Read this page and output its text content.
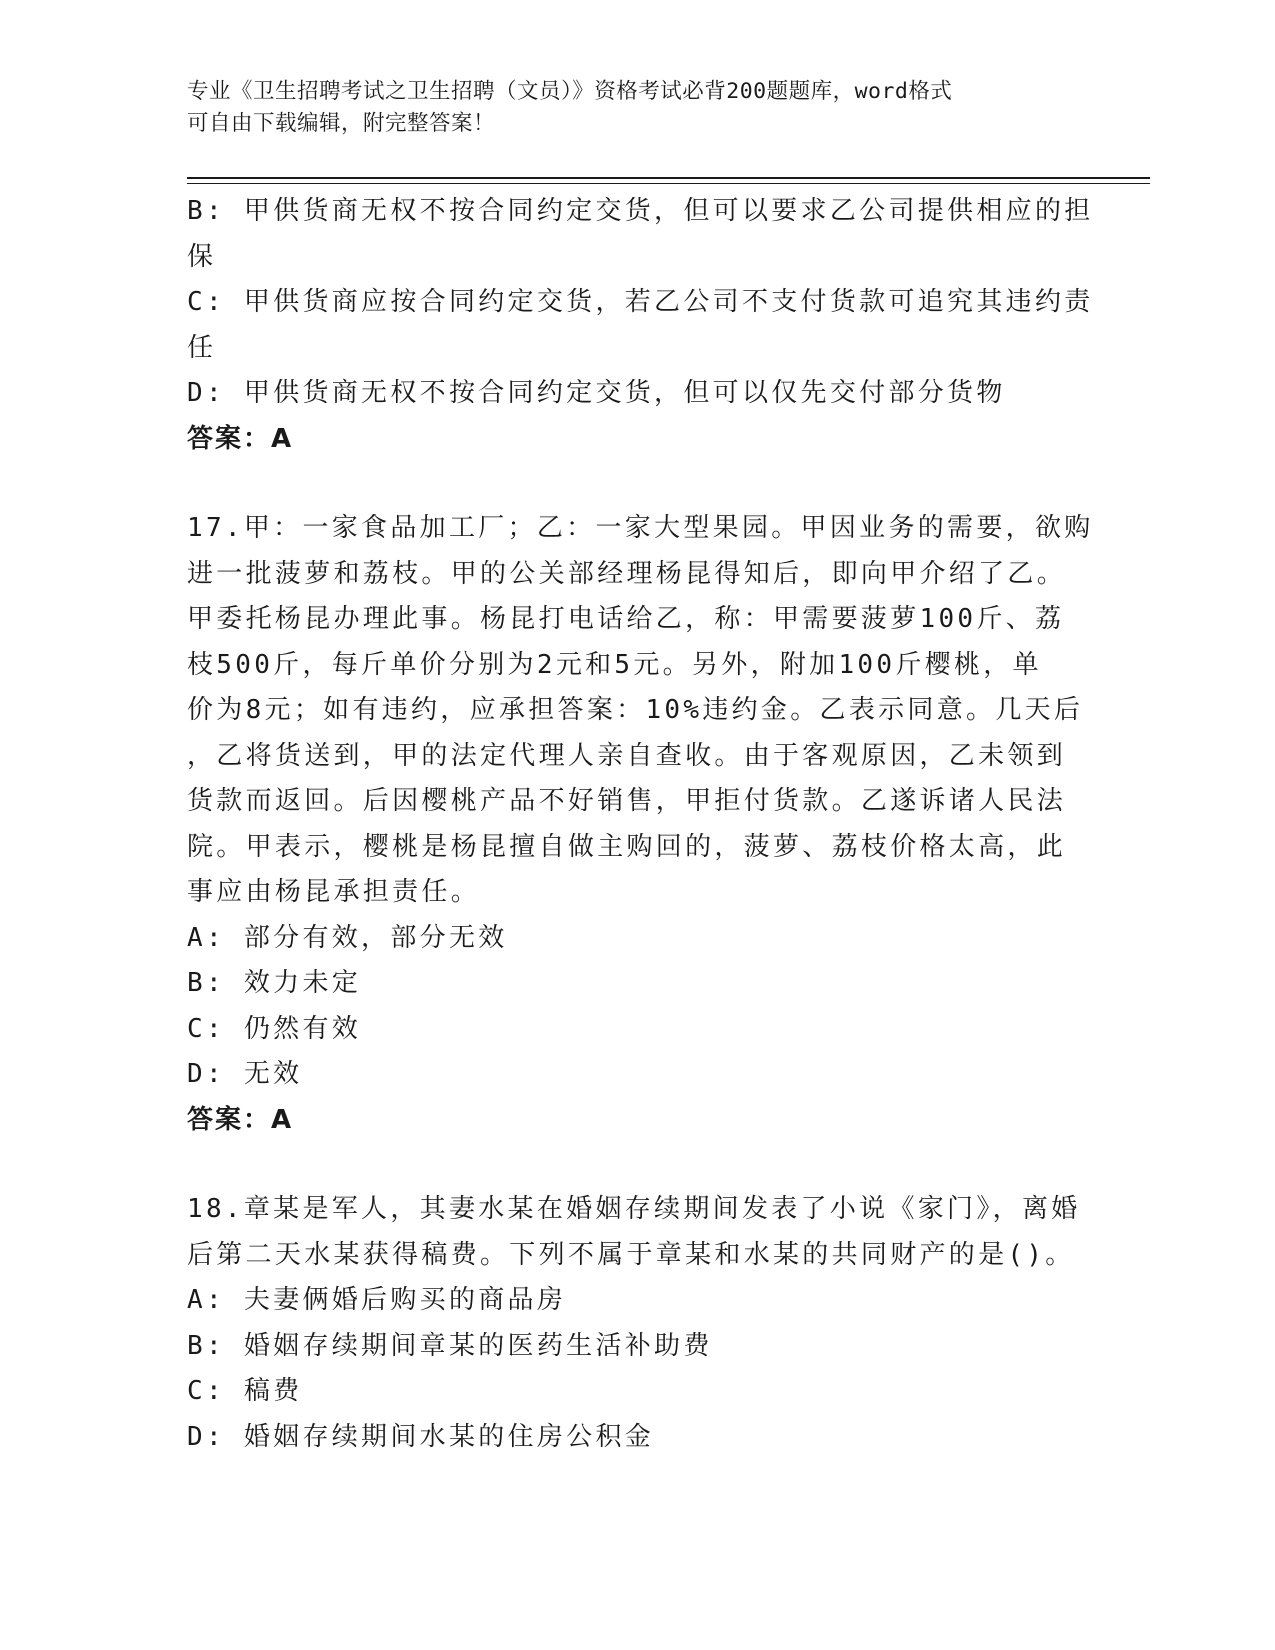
专业《卫生招聘考试之卫生招聘（文员）》资格考试必背200题题库，word格式
可自由下载编辑，附完整答案！
B: 甲供货商无权不按合同约定交货，但可以要求乙公司提供相应的担
保
C: 甲供货商应按合同约定交货，若乙公司不支付货款可追究其违约责
任
D: 甲供货商无权不按合同约定交货，但可以仅先交付部分货物
答案：A
17.甲：一家食品加工厂；乙：一家大型果园。甲因业务的需要，欲购
进一批菠萝和荔枝。甲的公关部经理杨昆得知后，即向甲介绍了乙。
甲委托杨昆办理此事。杨昆打电话给乙，称：甲需要菠萝100斤、荔
枝500斤，每斤单价分别为2元和5元。另外，附加100斤樱桃，单
价为8元；如有违约，应承担答案：10%违约金。乙表示同意。几天后
，乙将货送到，甲的法定代理人亲自查收。由于客观原因，乙未领到
货款而返回。后因樱桃产品不好销售，甲拒付货款。乙遂诉诸人民法
院。甲表示，樱桃是杨昆擅自做主购回的，菠萝、荔枝价格太高，此
事应由杨昆承担责任。
A: 部分有效，部分无效
B: 效力未定
C: 仍然有效
D: 无效
答案：A
18.章某是军人，其妻水某在婚姻存续期间发表了小说《家门》，离婚
后第二天水某获得稿费。下列不属于章某和水某的共同财产的是()。
A: 夫妻俩婚后购买的商品房
B: 婚姻存续期间章某的医药生活补助费
C: 稿费
D: 婚姻存续期间水某的住房公积金
